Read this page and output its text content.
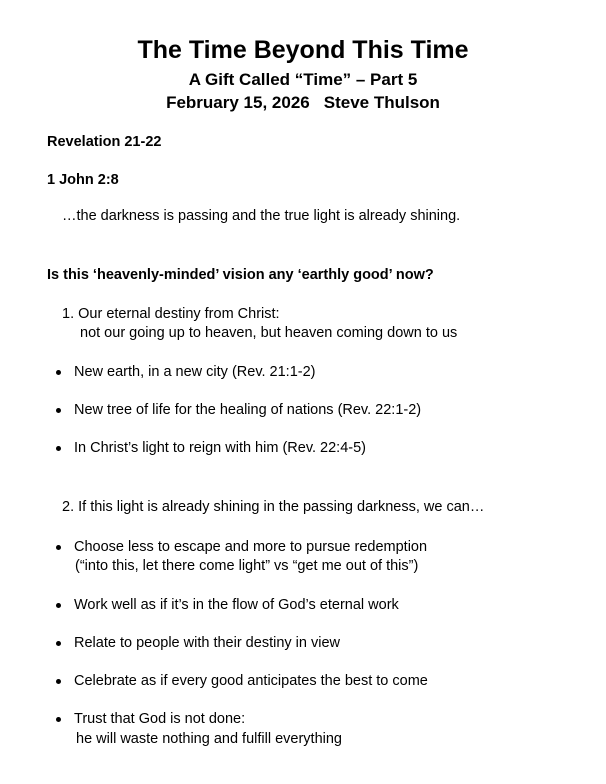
The Time Beyond This Time
A Gift Called “Time” – Part 5
February 15, 2026 Steve Thulson
Revelation 21-22
1 John 2:8
…the darkness is passing and the true light is already shining.
Is this ‘heavenly-minded’ vision any ‘earthly good’ now?
1. Our eternal destiny from Christ:
not our going up to heaven, but heaven coming down to us
New earth, in a new city (Rev. 21:1-2)
New tree of life for the healing of nations (Rev. 22:1-2)
In Christ’s light to reign with him (Rev. 22:4-5)
2. If this light is already shining in the passing darkness, we can…
Choose less to escape and more to pursue redemption
(“into this, let there come light” vs “get me out of this”)
Work well as if it’s in the flow of God’s eternal work
Relate to people with their destiny in view
Celebrate as if every good anticipates the best to come
Trust that God is not done:
he will waste nothing and fulfill everything
